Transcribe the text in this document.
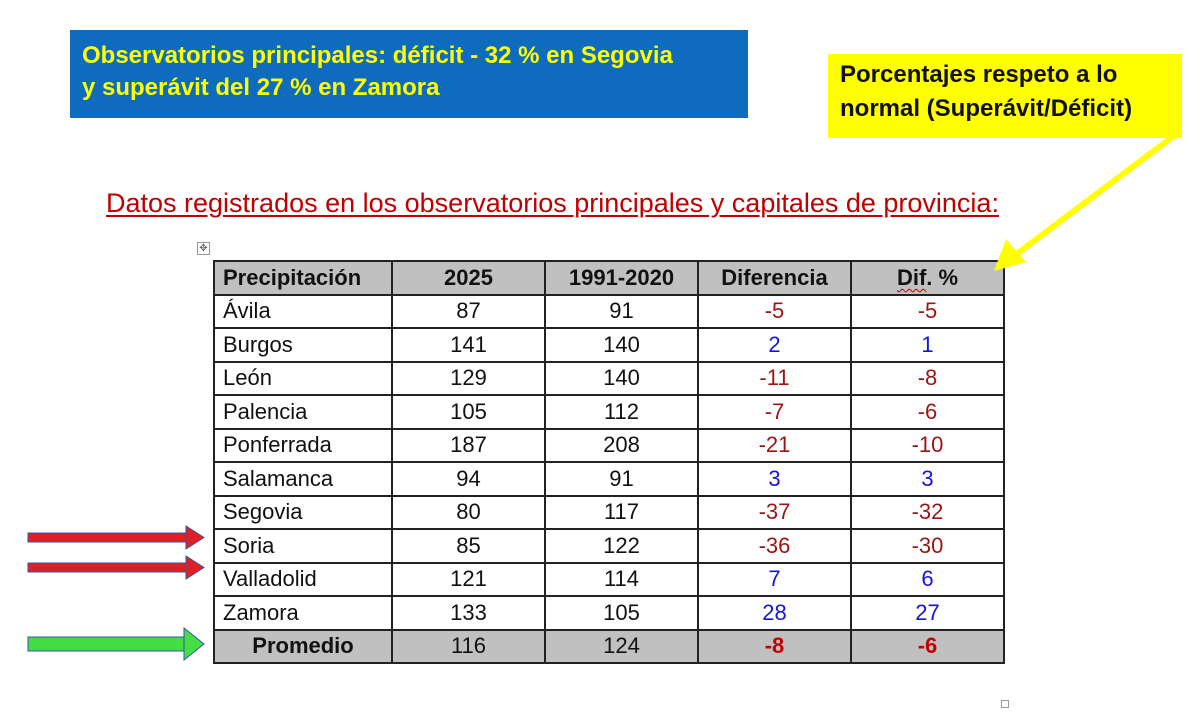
Observatorios principales: déficit - 32 % en Segovia
y superávit del 27 % en Zamora	Porcentajes respeto a lo
normal (Superávit/Déficit)
Datos registrados en los observatorios principales y capitales de provincia:
✥
Precipitación	2025	1991-2020	Diferencia	Dif. %
Ávila	87	91	-5	-5
Burgos	141	140	2	1
León	129	140	-11	-8
Palencia	105	112	-7	-6
Ponferrada	187	208	-21	-10
Salamanca	94	91	3	3
Segovia	80	117	-37	-32
Soria	85	122	-36	-30
Valladolid	121	114	7	6
Zamora	133	105	28	27
Promedio	116	124	-8	-6
